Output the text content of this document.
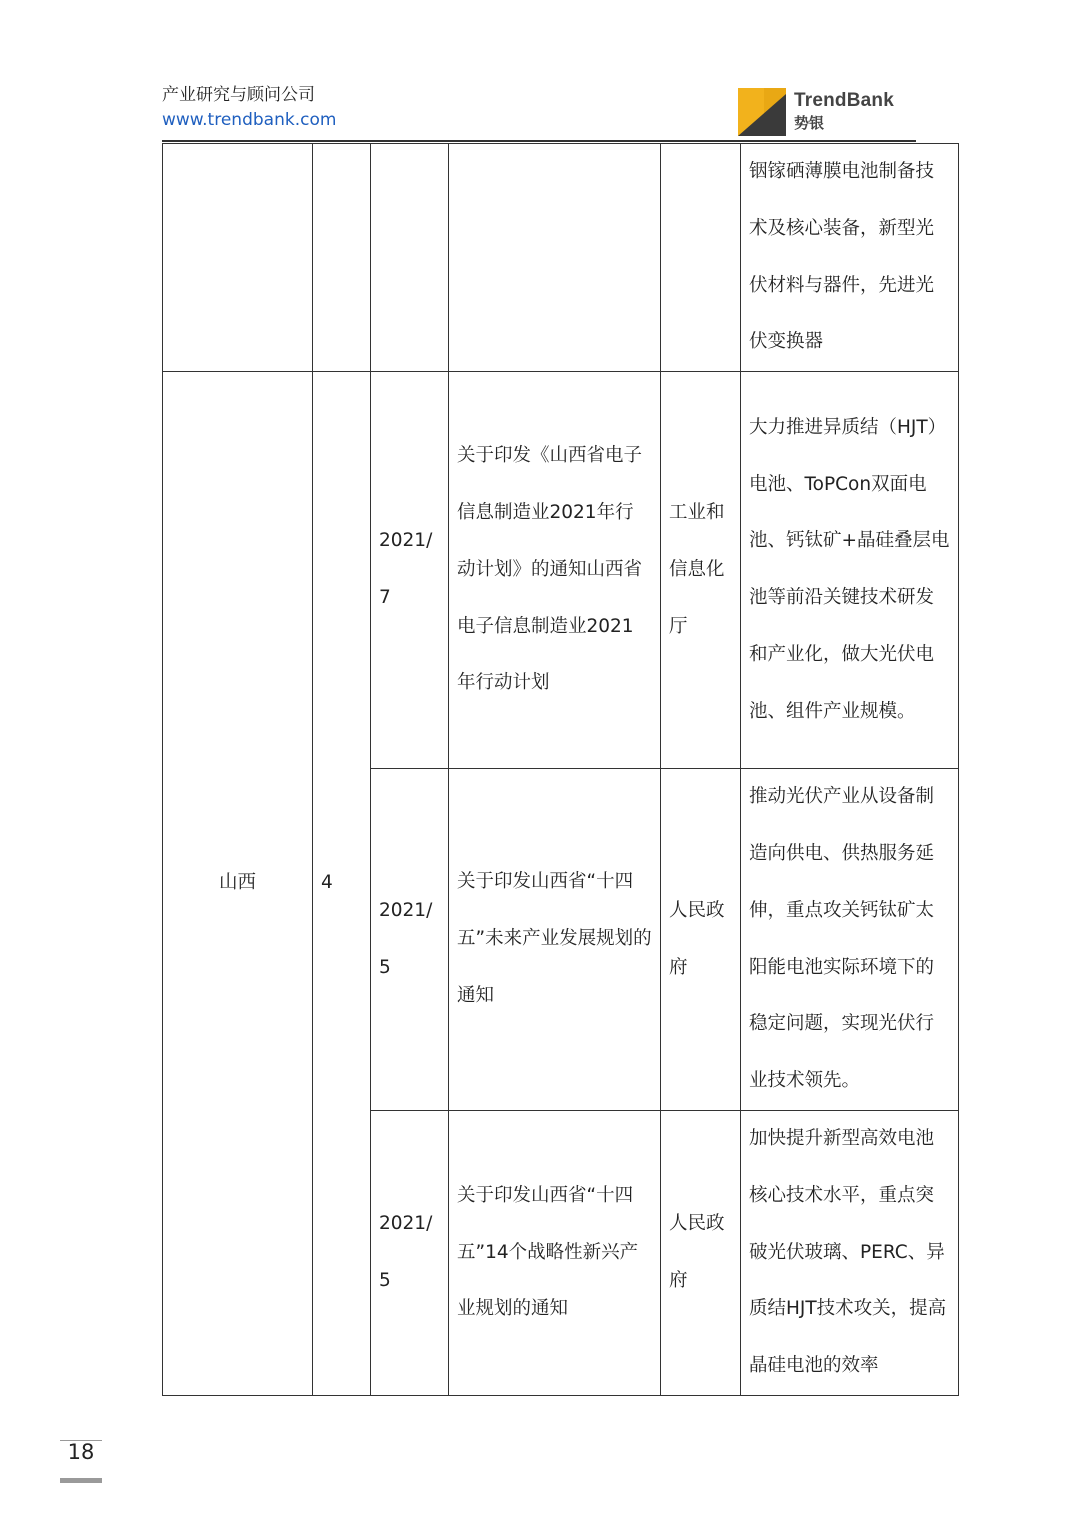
产业研究与顾问公司
www.trendbank.com
TrendBank
势银
					铟镓硒薄膜电池制备技术及核心装备，新型光伏材料与器件，先进光伏变换器
山西	4	2021/7	关于印发《山西省电子信息制造业2021年行动计划》的通知山西省电子信息制造业2021年行动计划	工业和信息化厅	大力推进异质结（HJT）电池、ToPCon双面电池、钙钛矿+晶硅叠层电池等前沿关键技术研发和产业化，做大光伏电池、组件产业规模。
		2021/5	关于印发山西省“十四五”未来产业发展规划的通知	人民政府	推动光伏产业从设备制造向供电、供热服务延伸，重点攻关钙钛矿太阳能电池实际环境下的稳定问题，实现光伏行业技术领先。
		2021/5	关于印发山西省“十四五”14个战略性新兴产业规划的通知	人民政府	加快提升新型高效电池核心技术水平，重点突破光伏玻璃、PERC、异质结HJT技术攻关，提高晶硅电池的效率
18
